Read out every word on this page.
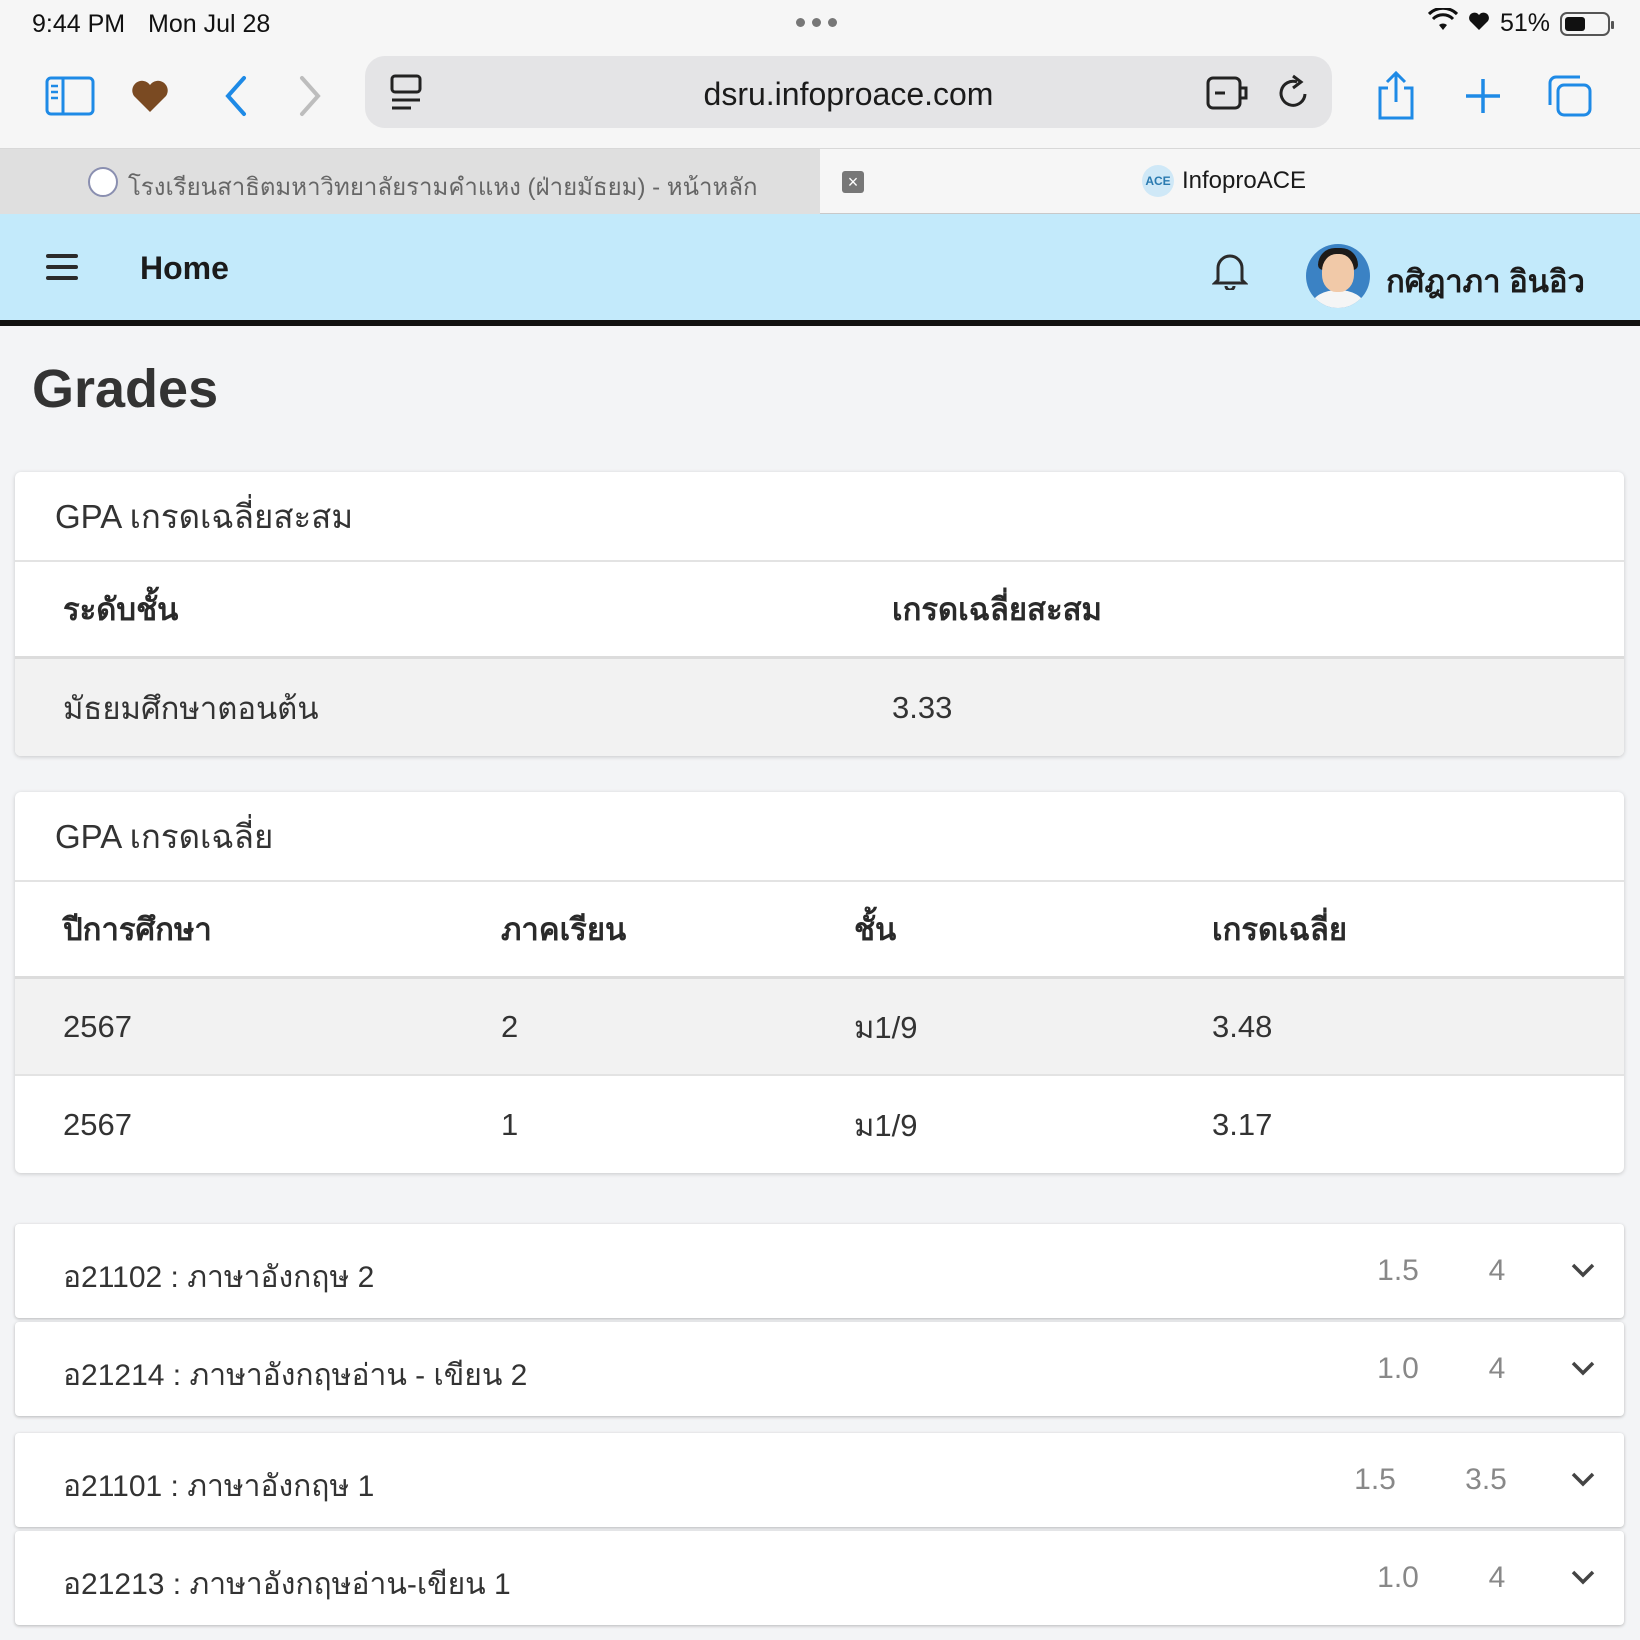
9:44 PM Mon Jul 28	51%
dsru.infoproace.com
โรงเรียนสาธิตมหาวิทยาลัยรามคำแหง (ฝ่ายมัธยม) - หน้าหลัก	×	ACE InfoproACE
Home	กศิฎาภา อินอิว
Grades
GPA เกรดเฉลี่ยสะสม
ระดับชั้น	เกรดเฉลี่ยสะสม
มัธยมศึกษาตอนต้น	3.33
GPA เกรดเฉลี่ย
ปีการศึกษา	ภาคเรียน	ชั้น	เกรดเฉลี่ย
2567	2	ม1/9	3.48
2567	1	ม1/9	3.17
อ21102 : ภาษาอังกฤษ 2	1.5	4
อ21214 : ภาษาอังกฤษอ่าน - เขียน 2	1.0	4
อ21101 : ภาษาอังกฤษ 1	1.5	3.5
อ21213 : ภาษาอังกฤษอ่าน-เขียน 1	1.0	4
